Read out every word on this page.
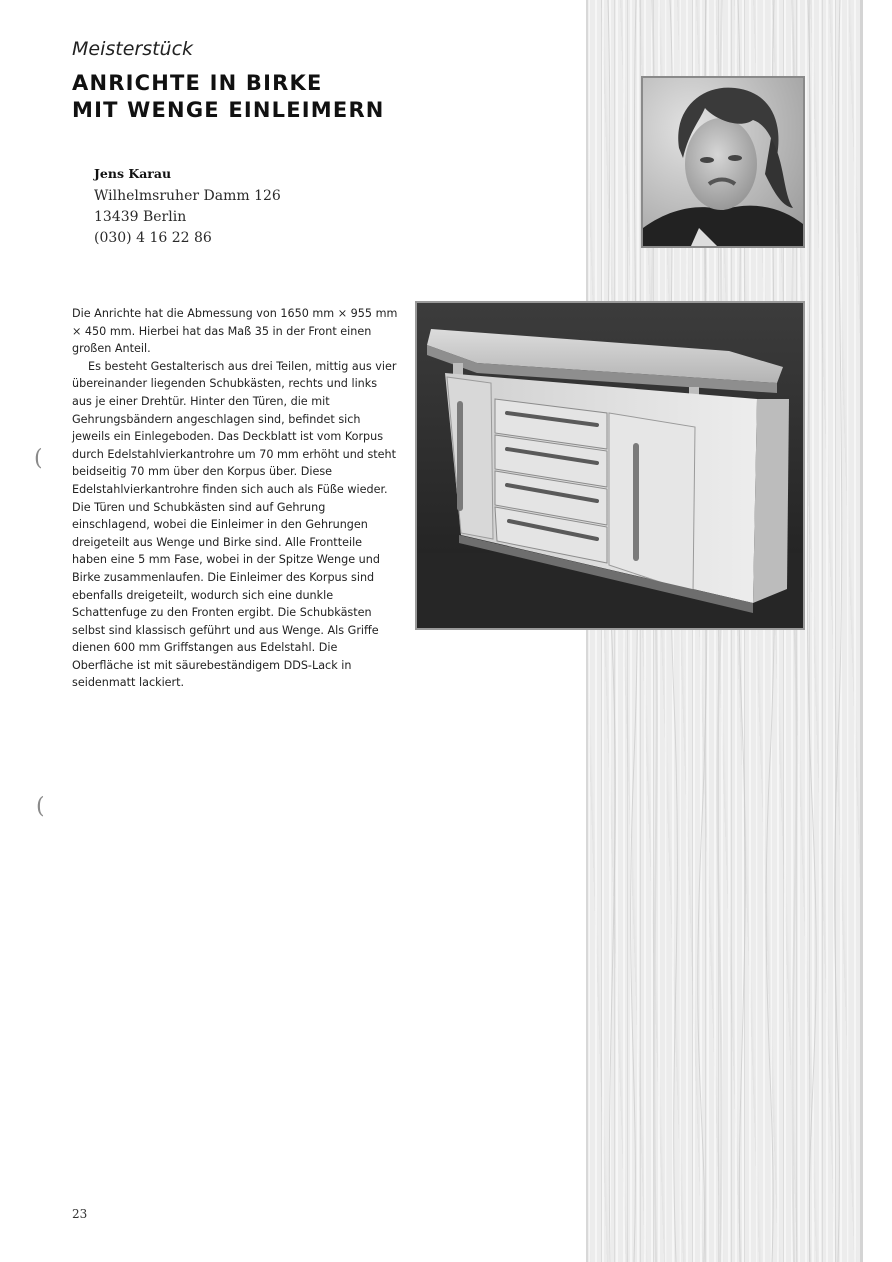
Meisterstück
ANRICHTE IN BIRKE
MIT WENGE EINLEIMERN
Jens Karau
Wilhelmsruher Damm 126
13439 Berlin
(030) 4 16 22 86

Die Anrichte hat die Abmessung von 1650 mm × 955 mm × 450 mm. Hierbei hat das Maß 35 in der Front einen großen Anteil.

Es besteht Gestalterisch aus drei Teilen, mittig aus vier übereinander liegenden Schubkästen, rechts und links aus je einer Drehtür. Hinter den Türen, die mit Gehrungsbändern angeschlagen sind, befindet sich jeweils ein Einlegeboden. Das Deckblatt ist vom Korpus durch Edelstahlvierkantrohre um 70 mm erhöht und steht beidseitig 70 mm über den Korpus über. Diese Edelstahlvierkantrohre finden sich auch als Füße wieder. Die Türen und Schubkästen sind auf Gehrung einschlagend, wobei die Einleimer in den Gehrungen dreigeteilt aus Wenge und Birke sind. Alle Frontteile haben eine 5 mm Fase, wobei in der Spitze Wenge und Birke zusammenlaufen. Die Einleimer des Korpus sind ebenfalls dreigeteilt, wodurch sich eine dunkle Schattenfuge zu den Fronten ergibt. Die Schubkästen selbst sind klassisch geführt und aus Wenge. Als Griffe dienen 600 mm Griffstangen aus Edelstahl. Die Oberfläche ist mit säurebeständigem DDS-Lack in seidenmatt lackiert.

(
(
23
